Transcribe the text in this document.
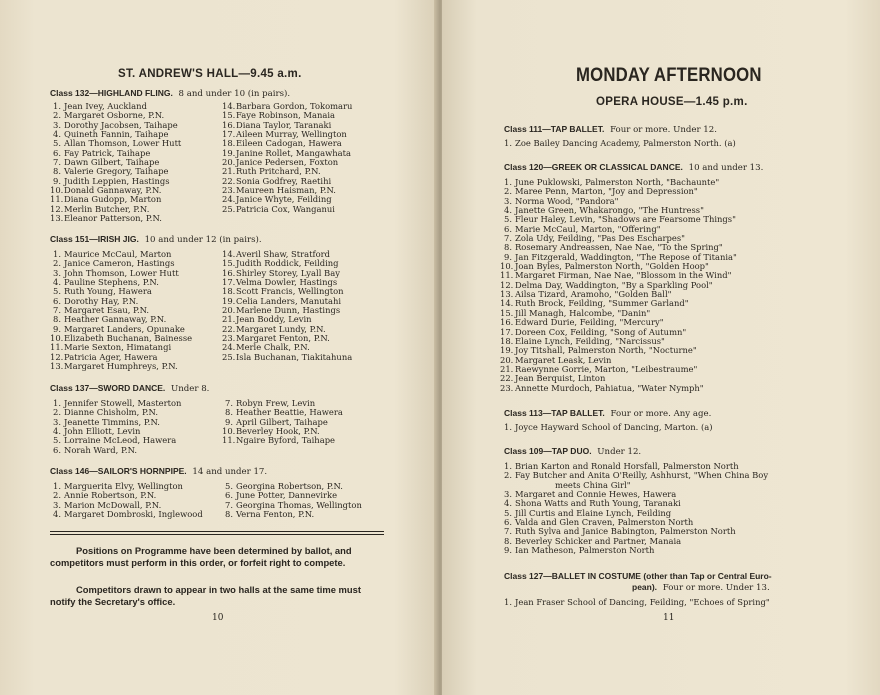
ST. ANDREW'S HALL—9.45 a.m.
Class 132—HIGHLAND FLING. 8 and under 10 (in pairs).
1. Jean Ivey, Auckland
2. Margaret Osborne, P.N.
3. Dorothy Jacobsen, Taihape
4. Quineth Fannin, Taihape
5. Allan Thomson, Lower Hutt
6. Fay Patrick, Taihape
7. Dawn Gilbert, Taihape
8. Valerie Gregory, Taihape
9. Judith Leppien, Hastings
10. Donald Gannaway, P.N.
11. Diana Gudopp, Marton
12. Merlin Butcher, P.N.
13. Eleanor Patterson, P.N.
14. Barbara Gordon, Tokomaru
15. Faye Robinson, Manaia
16. Diana Taylor, Taranaki
17. Aileen Murray, Wellington
18. Eileen Cadogan, Hawera
19. Janine Rollet, Mangawhata
20. Janice Pedersen, Foxton
21. Ruth Pritchard, P.N.
22. Sonia Godfrey, Raetihi
23. Maureen Haisman, P.N.
24. Janice Whyte, Feilding
25. Patricia Cox, Wanganui
Class 151—IRISH JIG. 10 and under 12 (in pairs).
1. Maurice McCaul, Marton
2. Janice Cameron, Hastings
3. John Thomson, Lower Hutt
4. Pauline Stephens, P.N.
5. Ruth Young, Hawera
6. Dorothy Hay, P.N.
7. Margaret Esau, P.N.
8. Heather Gannaway, P.N.
9. Margaret Landers, Opunake
10. Elizabeth Buchanan, Bainesse
11. Marie Sexton, Himatangi
12. Patricia Ager, Hawera
13. Margaret Humphreys, P.N.
14. Averil Shaw, Stratford
15. Judith Roddick, Feilding
16. Shirley Storey, Lyall Bay
17. Velma Dowler, Hastings
18. Scott Francis, Wellington
19. Celia Landers, Manutahi
20. Marlene Dunn, Hastings
21. Jean Boddy, Levin
22. Margaret Lundy, P.N.
23. Margaret Fenton, P.N.
24. Merle Chalk, P.N.
25. Isla Buchanan, Tiakitahuna
Class 137—SWORD DANCE. Under 8.
1. Jennifer Stowell, Masterton
2. Dianne Chisholm, P.N.
3. Jeanette Timmins, P.N.
4. John Elliott, Levin
5. Lorraine McLeod, Hawera
6. Norah Ward, P.N.
7. Robyn Frew, Levin
8. Heather Beattie, Hawera
9. April Gilbert, Taihape
10. Beverley Hook, P.N.
11. Ngaire Byford, Taihape
Class 146—SAILOR'S HORNPIPE. 14 and under 17.
1. Marguerita Elvy, Wellington
2. Annie Robertson, P.N.
3. Marion McDowall, P.N.
4. Margaret Dombroski, Inglewood
5. Georgina Robertson, P.N.
6. June Potter, Dannevirke
7. Georgina Thomas, Wellington
8. Verna Fenton, P.N.
Positions on Programme have been determined by ballot, and competitors must perform in this order, or forfeit right to compete.
Competitors drawn to appear in two halls at the same time must notify the Secretary's office.
10
MONDAY AFTERNOON
OPERA HOUSE—1.45 p.m.
Class 111—TAP BALLET. Four or more. Under 12.
1. Zoe Bailey Dancing Academy, Palmerston North. (a)
Class 120—GREEK OR CLASSICAL DANCE. 10 and under 13.
1. June Puklowski, Palmerston North, "Bachaunte"
2. Maree Penn, Marton, "Joy and Depression"
3. Norma Wood, "Pandora"
4. Janette Green, Whakarongo, "The Huntress"
5. Fleur Haley, Levin, "Shadows are Fearsome Things"
6. Marie McCaul, Marton, "Offering"
7. Zola Udy, Feilding, "Pas Des Escharpes"
8. Rosemary Andreassen, Nae Nae, "To the Spring"
9. Jan Fitzgerald, Waddington, "The Repose of Titania"
10. Joan Byles, Palmerston North, "Golden Hoop"
11. Margaret Firman, Nae Nae, "Blossom in the Wind"
12. Delma Day, Waddington, "By a Sparkling Pool"
13. Ailsa Tizard, Aramoho, "Golden Ball"
14. Ruth Brock, Feilding, "Summer Garland"
15. Jill Managh, Halcombe, "Danin"
16. Edward Durie, Feilding, "Mercury"
17. Doreen Cox, Feilding, "Song of Autumn"
18. Elaine Lynch, Feilding, "Narcissus"
19. Joy Titshall, Palmerston North, "Nocturne"
20. Margaret Leask, Levin
21. Raewynne Gorrie, Marton, "Leibestraume"
22. Jean Berquist, Linton
23. Annette Murdoch, Pahiatua, "Water Nymph"
Class 113—TAP BALLET. Four or more. Any age.
1. Joyce Hayward School of Dancing, Marton. (a)
Class 109—TAP DUO. Under 12.
1. Brian Karton and Ronald Horsfall, Palmerston North
2. Fay Butcher and Anita O'Reilly, Ashhurst, "When China Boy
meets China Girl"
3. Margaret and Connie Hewes, Hawera
4. Shona Watts and Ruth Young, Taranaki
5. Jill Curtis and Elaine Lynch, Feilding
6. Valda and Glen Craven, Palmerston North
7. Ruth Sylva and Janice Babington, Palmerston North
8. Beverley Schicker and Partner, Manaia
9. Ian Matheson, Palmerston North
Class 127—BALLET IN COSTUME (other than Tap or Central Euro-
pean). Four or more. Under 13.
1. Jean Fraser School of Dancing, Feilding, "Echoes of Spring"
11
